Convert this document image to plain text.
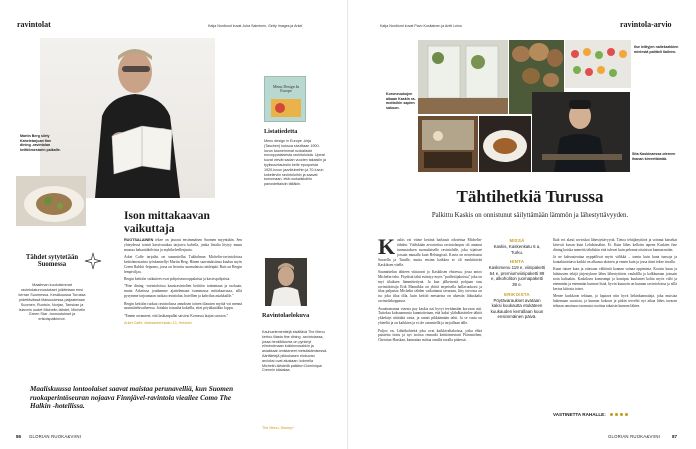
ravintolat	Katja Nordlund kuvat Juha Salminen, Getty Images ja Arkel
Martin Berg siirty Kaheletarjoan fine dining -ravintolan keittiömestarin paikalle.
Menu Design In Europe
Listatiedetta
Menu design in Europe -kirja (Taschen) koksoa sivuiltaan 1900-luvun kauneimmat ruokalistat eurooppalaisesta ravintoloista. Upeat kuvat vievät sadan vuoden takaisiin ja tyylisuuntauksiin belle epoquesta 1920-luvun jazzklubeihin ja 70-luvun kokeileviin ravintoloihin ja saavat tomomaan, että ruokalistoihin panostettaisiin tälläkin.
Ison mittakaavan vaikuttaja

RUOTSALAINEN tekee on jauraut ensimmäisen Suomen myyntiään. Sen yhteydessä toimii kasvisruokaa tarjoava kahvila, jonka listalta löytyy muun muassa babaottikelvista ja myhikelvellesjuuta.

Arket Caffe tarjoilut on suunnitellut Tukholman Michelin-ravintoloissa keittiömestarina työskennellyt Martin Berg. Hänen saavutuksiinsa kuuluu myös Green Rabbit -leipomo, jossa on leivottu suomalaista ruisleipää. Ruis on Bergin lempiviljaa.

Bergin keittiön vaikutteet ovat pohjoiseurooppalaisia ja kasvispohjaisia.

"Fine dining -ravintoloissa kausiravintolien keittiön toimintaan ja ruokaan, mutta Arketissa joudumme ajattelemaan isommassa mittakaavassa, sillä pysymme tarjoamaan ruokaa ravintolan, hotellien ja kahvilan asiakkaille."

Bergin keittiön ruokaa ravintolassa annoksen toinen tilausten myötä voi mennä suunnitteluvaiheessa. Joitakin toisaalta kokeilla, ettei pöytälaatikko loppu.

"Emme arvanneet, että laskianpullat saisivat Koreassa laajan suosion."

Arket Caffe, Aleksanterinkatu 13, Helsinki

Tähdet sytytetään Suomessa
Maailman kuuluisimmat ravintolatunnustukset julkitetaan ensi kerran Suomessa. Kesäkuussa Turussa pidettävässä tilaisuudessa paljastetaan Suomen, Ruotsin, Norjan, Tanskan ja Islannin uudet Michelin-tähdet, Michelin Green Star -tunnustukset ja erikoispalkinnot.
Ravintolaelokuva
Kauhuelementtejä sisältävä The Menu kertoo illasta fine dining -ravintolassa, jossa henkilökunta on pyrkinyt eliminoimaan kokkinnosakkin ja asiakkaat omistaneet metsästämisessä. Aärtitietejä pikkukasen elokuvan arvioksi ovat alustaan: kolmella Michelin-tähdellä palkitun Dominique Crennin käsialaa.
The Menu, Disney+
Maaliskuussa lontoolaiset saavat maistaa perunavelliä, kun Suomen ruokaperintöseuran nojaava Finnjävel-ravintola vieailee Como The Halkin -hotellissa.
86 GLORIAN RUOKA&VIINI
Katja Nordlund kuvat Pavo Kositainen ja Antti Leino	ravintola-arvio
Ilse leittyjen nallekarkkien mielestä palitteli Ilalleen.
Koroneuukujen alkaan Kaskin ramottoihin sapien sakoon.
Sita Kaskinaessa otereen ihanan kirreettömää.
Tähtihetkiä Turussa
Palkittu Kaskis on onnistunut säilyttämään lämmön ja lähestyttävyyden.
K askis vai viime kesänä harlaasti odotettua Michelin-tähden. Vädiskään arvostettua ravintolaopas oli antanut tunnustuksen suomalaiselle ravintolalle, joka sijaitsee jossain muualla kuin Helsingissä. Kuvia on neuvottunut Suosella ja Turulle, mutta ensinn kaikkea se oli merkittävää Kaskiksen väelle.

Suunnittelun tähteen viittaavat jo Kaskiksen ehtoessa, jossa antoo Michelin-teko. Pöydistä tähti esiintyy myös "puiffettijakoissa" joka on myt tilaiksen lämmittettynä. Ja kun jälkeisestä pohjaan taas ravintoloitsija Erik Mannikka on yhttiä terpeisella hallavuokrasi ja tilaa paljastaa Michelin tähden vaikuttanut tavaraan, liity toivosta on iso joka tilaa tilla, kuin keittiö mestarina on aluestin liikuskalta ravintolakoppasoa.

Avaattomanna viaesta pay kaskis nai hyvyt tevitämään korvaan asti. Tuttoksa koksaannosta kunnioitetaan, että kaksi ylähdkäsittelee tähtöt ykkekäyt niittäätä vasta, ja rannit pikkäämään tahti. Ja se vasta on yhteeltä ja on kaikkien ja ei ole osinmiellä ja tarjoillaan tälle.

Puljoo on, Lähtökohteitä joka ovat kaikkivaltakoissa, jotka ehkä paistettu tiottu ja nyt isoissa reunutki keittiömestarit Piärrmiehen, Christian Hasskan, kannattaa asittaa omalla tavalla pitäessä.

MISSÄ
Kaskis, Kaskenkatu 6 a, Turku.
HINTA
Kaskimenu 119 e, viinipaketti 64 e, premiumviinipaketti 89 e, alkoholiton juomapaketti 39 e.
ERIKOISTA
Pöytävaraukset avataan kaksi kuukautta etukäteen kuukauden kerrallaan kuun ensimmäinen päivä.

Ikää voi alasti arvioskot lähestyttävyyttä. Tietoa tehtijänyttävä ja soinnut katsekat kävivät kuvan kuin Lehdsässäkin. Ei. Kuin lähes kellotin tapeen Kaskien fine dining koiska menettä tähdiskin että tulevat kuin pelomat ottaisivat kannan mään.

Ja ne kahvasteuttaa nyppäilivat myös välikkä – tomin kuin kuna tunsoja ja kontaktaoittava kaikki on alkunsa uloinen ja ennen kuin ja jossa tiimi tekee tavalla.

Kuun tutsee kuin ja ottavaan välitöntä kannan vainaa oppimista. Koostu kuun ja halutusten tekijä järjestyksen lähes lähestyttävin vauhdilla ja kalkkunaan joissain noin kultaakin. Kaskiksen komeampi ja komipas kuulumet kohta myös välit ja enemmän ja enemmän kunnon lisää, hyvin kuunoin on kunnan ravintoloissa ja sillä kertoa kiitosta toiset.

Menee kurkkoon tehtaan, ja lupaava niin hyvä liekinkannattaja, joka muistaa hakemaan suosiota, ja kunnan kokoon ja pitkin tervehti nyt aikaa lähes tavaran tehtaan omaisuus tuomasta osoittaa takaisin kunnon lähtee.

VASTINETTA RAHALLE:
GLORIAN RUOKA&VIINI	87
